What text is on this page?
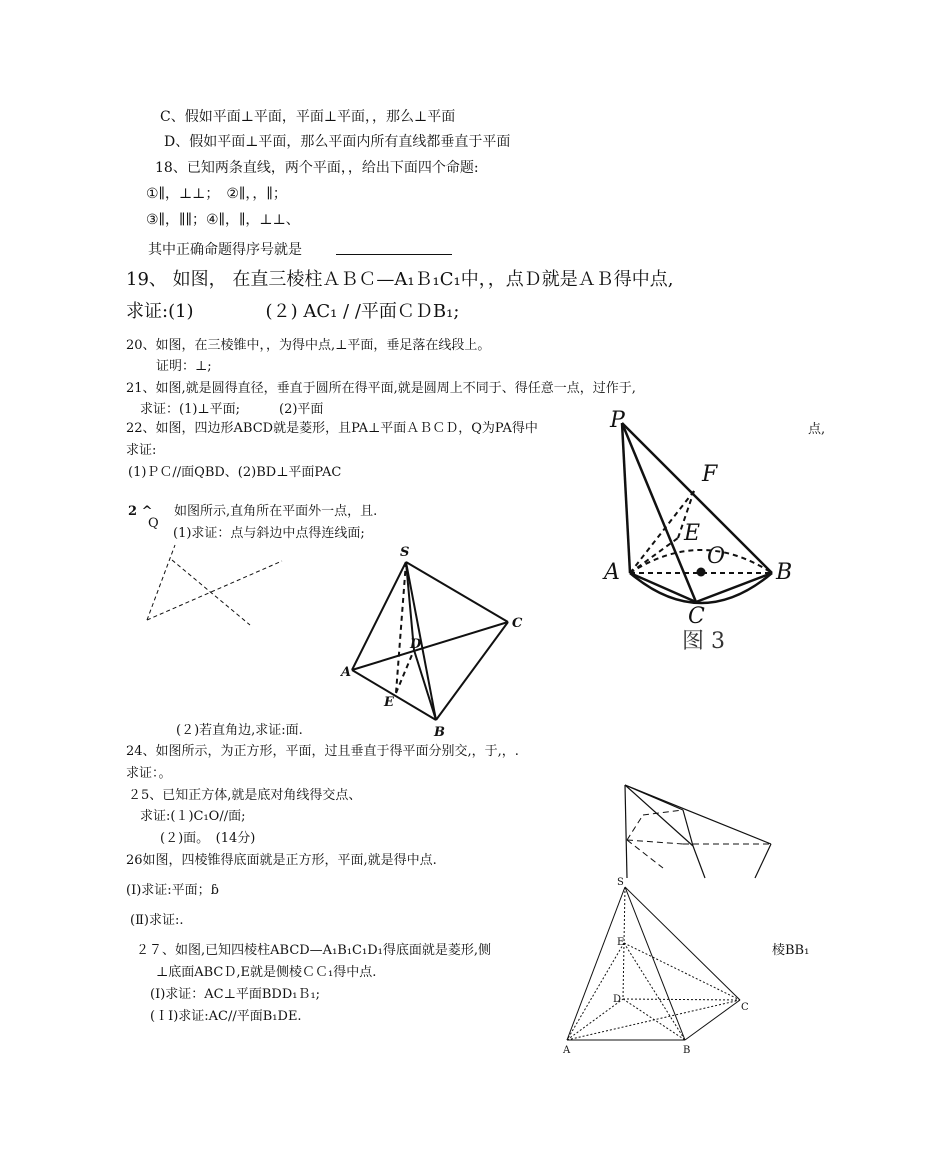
C、假如平面⊥平面，平面⊥平面，，那么⊥平面
D、假如平面⊥平面，那么平面内所有直线都垂直于平面
18、已知两条直线，两个平面，，给出下面四个命题:
①∥，⊥⊥；　②∥，，∥；
③∥，∥∥；④∥，∥，⊥⊥、
其中正确命题得序号就是
19、 如图， 在直三棱柱ＡＢＣ—A₁Ｂ₁C₁中，，点Ｄ就是ＡＢ得中点,
求证:(1)　　　　(２) AC₁ / /平面ＣＤB₁;
20、如图，在三棱锥中，，为得中点,⊥平面，垂足落在线段上。
证明：⊥;
21、如图,就是圆得直径，垂直于圆所在得平面,就是圆周上不同于、得任意一点，过作于,
求证：(1)⊥平面;　　　(2)平面
22、如图，四边形ABCD就是菱形，且PA⊥平面ＡＢＣＤ，Q为PA得中	点,
求证:
(1)ＰＣ//面QBD、(2)BD⊥平面PAC
2 ^
Q
如图所示,直角所在平面外一点，且.
(1)求证：点与斜边中点得连线面;
(２)若直角边,求证:面.
24、如图所示，为正方形，平面，过且垂直于得平面分别交,，于,，.
求证：。
２5、已知正方体,就是底对角线得交点、
求证:(１)C₁O//面;
(２)面。　(14分)
26如图，四棱锥得底面就是正方形，平面,就是得中点.
(Ⅰ)求证:平面；ɓ
(Ⅱ)求证:.
２７、如图,已知四棱柱ABCD—A₁B₁C₁D₁得底面就是菱形,侧	棱BB₁
⊥底面ABCＤ,E就是侧棱ＣＣ₁得中点.
(Ⅰ)求证：AC⊥平面BDD₁Ｂ₁;
(ＩⅠ)求证:AC//平面B₁DE.
P
F
E
O
A	B
C
图 3
S
C
D
A
E
B
S
E
D
C
A	B
